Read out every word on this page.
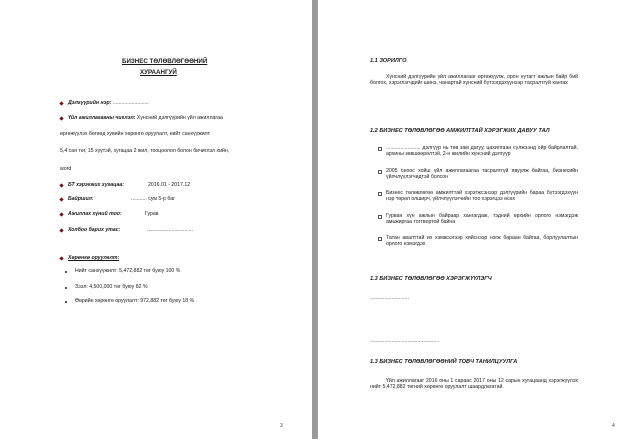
БИЗНЕС ТӨЛӨВЛӨГӨӨНИЙ
ХУРААНГУЙ
Дэлгүүрийн нэр: .........................
Үйл ажиллагааны чиглэл: Хүнсний дэлгүүрийн үйл ажиллагаа
өргөжүүлэх бөгөөд хувийн хөрөнгө оруулалт, нийт санхүүжилт
5,4 сая төг, 15 хүүтэй, хугацаа 2 жил, тооцоолол болон бичиглэл хийн,
word
БТ хэрэгжих хугацаа:	2016.01 - 2017.12
Байршил:	........... сум 5-р баг
Ажиллах хүний тоо:	Гурав
Холбоо барих утас:	................................
Хөрөнгө оруулалт:
Нийт санхүүжилт: 5,472,882 төг буюу 100 %
Зээл: 4,500,000 төг буюу 82 %
Өөрийн хөрөнгө оруулалт: 972,882 төг буюу 18 %
3
1.1 ЗОРИЛГО
Хүнсний дэлгүүрийн үйл ажиллагааг өргөжүүлж, орон нутагт ажлын байр бий болгох, хэрэглэгчдийг шинэ, чанартай хүнсний бүтээгдэхүүнээр тасралтгүй хангах
1.2 БИЗНЕС ТӨЛӨВЛӨГӨӨ АМЖИЛТТАЙ ХЭРЭГЖИХ ДАВУУ ТАЛ
........................ дэлгүүр нь төв зам дагуу, цахилгаан сүлжээнд ойр байрлалтай, архины зөвшөөрөлтэй, 2-н жилийн хүнсний дэлгүүр
2005 оноос хойш үйл ажиллагаагаа тасралтгүй явуулж байгаа, бизнесийн үйлчлүүлэгчидтэй болсон
Бизнес төлөвлөгөө амжилттай хэрэгжсэнээр дэлгүүрийн бараа бүтээгдэхүүн нэр төрөл олширч, үйлчлүүлэгчийн тоо хэрэгцээ өсөх
Гурван хүн ажлын байраар хангагдаж, тэдний өрхийн орлого нэмэгдэж амьжиргаа тогтвортой байна
Татан авалттай их хэмжээгээр хийснээр нэгж бараан байгаа, борлуулалтын орлого нэмэгдэх
1.3 БИЗНЕС ТӨЛӨВЛӨГӨӨ ХЭРЭГЖҮҮЛЭГЧ
...........................
................................................
1.3 БИЗНЕС ТӨЛӨВЛӨГӨӨНИЙ ТОВЧ ТАНИЛЦУУЛГА
Үйл ажиллагааг 2016 оны 1 сараас 2017 оны 12 сарын хугацаанд хэрэгжүүлэх нийт 5,472,882 төгний хөрөнгө оруулалт шаардлагатай.
4
